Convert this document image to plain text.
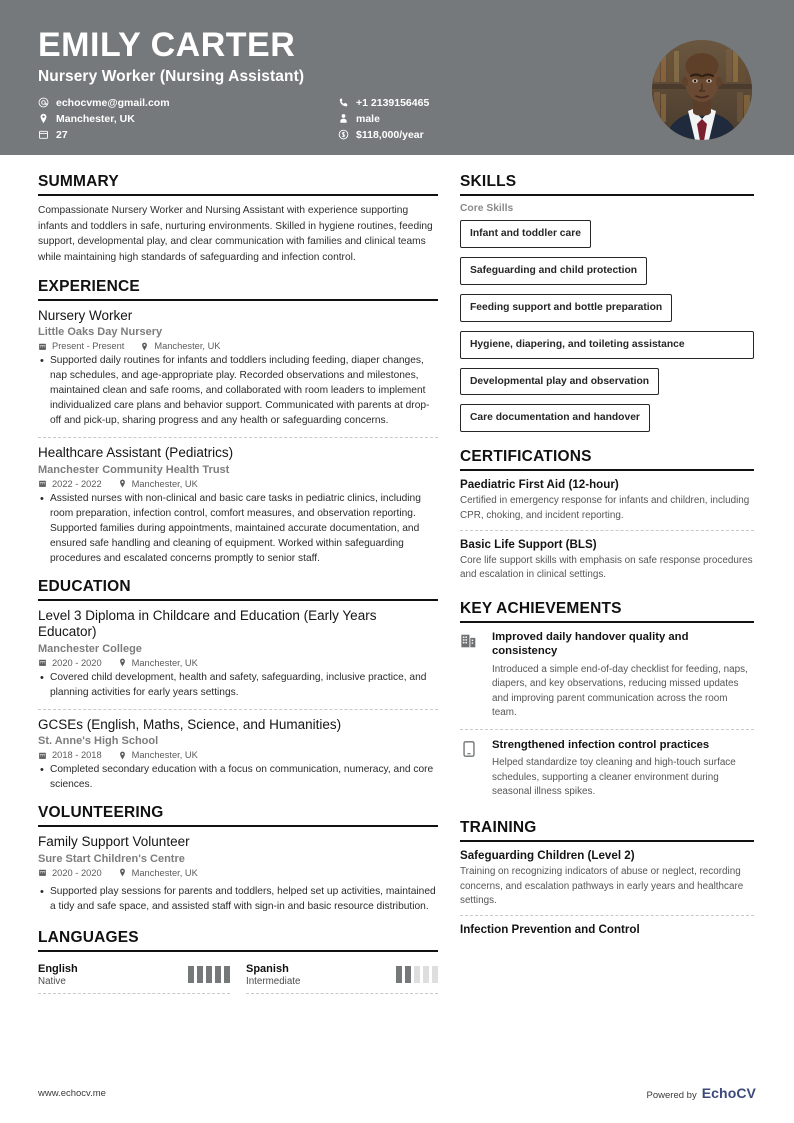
EMILY CARTER
Nursery Worker (Nursing Assistant)
echocvme@gmail.com
Manchester, UK
27
+1 2139156465
male
$118,000/year
SUMMARY
Compassionate Nursery Worker and Nursing Assistant with experience supporting infants and toddlers in safe, nurturing environments. Skilled in hygiene routines, feeding support, developmental play, and clear communication with families and clinical teams while maintaining high standards of safeguarding and infection control.
EXPERIENCE
Nursery Worker
Little Oaks Day Nursery
Present - Present	Manchester, UK
• Supported daily routines for infants and toddlers including feeding, diaper changes, nap schedules, and age-appropriate play. Recorded observations and milestones, maintained clean and safe rooms, and collaborated with room leaders to implement individualized care plans and behavior support. Communicated with parents at drop-off and pick-up, sharing progress and any health or safeguarding concerns.
Healthcare Assistant (Pediatrics)
Manchester Community Health Trust
2022 - 2022	Manchester, UK
• Assisted nurses with non-clinical and basic care tasks in pediatric clinics, including room preparation, infection control, comfort measures, and observation reporting. Supported families during appointments, maintained accurate documentation, and ensured safe handling and cleaning of equipment. Worked within safeguarding procedures and escalated concerns promptly to senior staff.
EDUCATION
Level 3 Diploma in Childcare and Education (Early Years Educator)
Manchester College
2020 - 2020	Manchester, UK
• Covered child development, health and safety, safeguarding, inclusive practice, and planning activities for early years settings.
GCSEs (English, Maths, Science, and Humanities)
St. Anne's High School
2018 - 2018	Manchester, UK
• Completed secondary education with a focus on communication, numeracy, and core sciences.
VOLUNTEERING
Family Support Volunteer
Sure Start Children's Centre
2020 - 2020	Manchester, UK
• Supported play sessions for parents and toddlers, helped set up activities, maintained a tidy and safe space, and assisted staff with sign-in and basic resource distribution.
LANGUAGES
English
Native
Spanish
Intermediate
SKILLS
Core Skills
Infant and toddler care Safeguarding and child protection Feeding support and bottle preparation
Hygiene, diapering, and toileting assistance
Developmental play and observation Care documentation and handover
CERTIFICATIONS
Paediatric First Aid (12-hour)
Certified in emergency response for infants and children, including CPR, choking, and incident reporting.
Basic Life Support (BLS)
Core life support skills with emphasis on safe response procedures and escalation in clinical settings.
KEY ACHIEVEMENTS
Improved daily handover quality and consistency
Introduced a simple end-of-day checklist for feeding, naps, diapers, and key observations, reducing missed updates and improving parent communication across the room team.
Strengthened infection control practices
Helped standardize toy cleaning and high-touch surface schedules, supporting a cleaner environment during seasonal illness spikes.
TRAINING
Safeguarding Children (Level 2)
Training on recognizing indicators of abuse or neglect, recording concerns, and escalation pathways in early years and healthcare settings.
Infection Prevention and Control
www.echocv.me	Powered by EchoCV
